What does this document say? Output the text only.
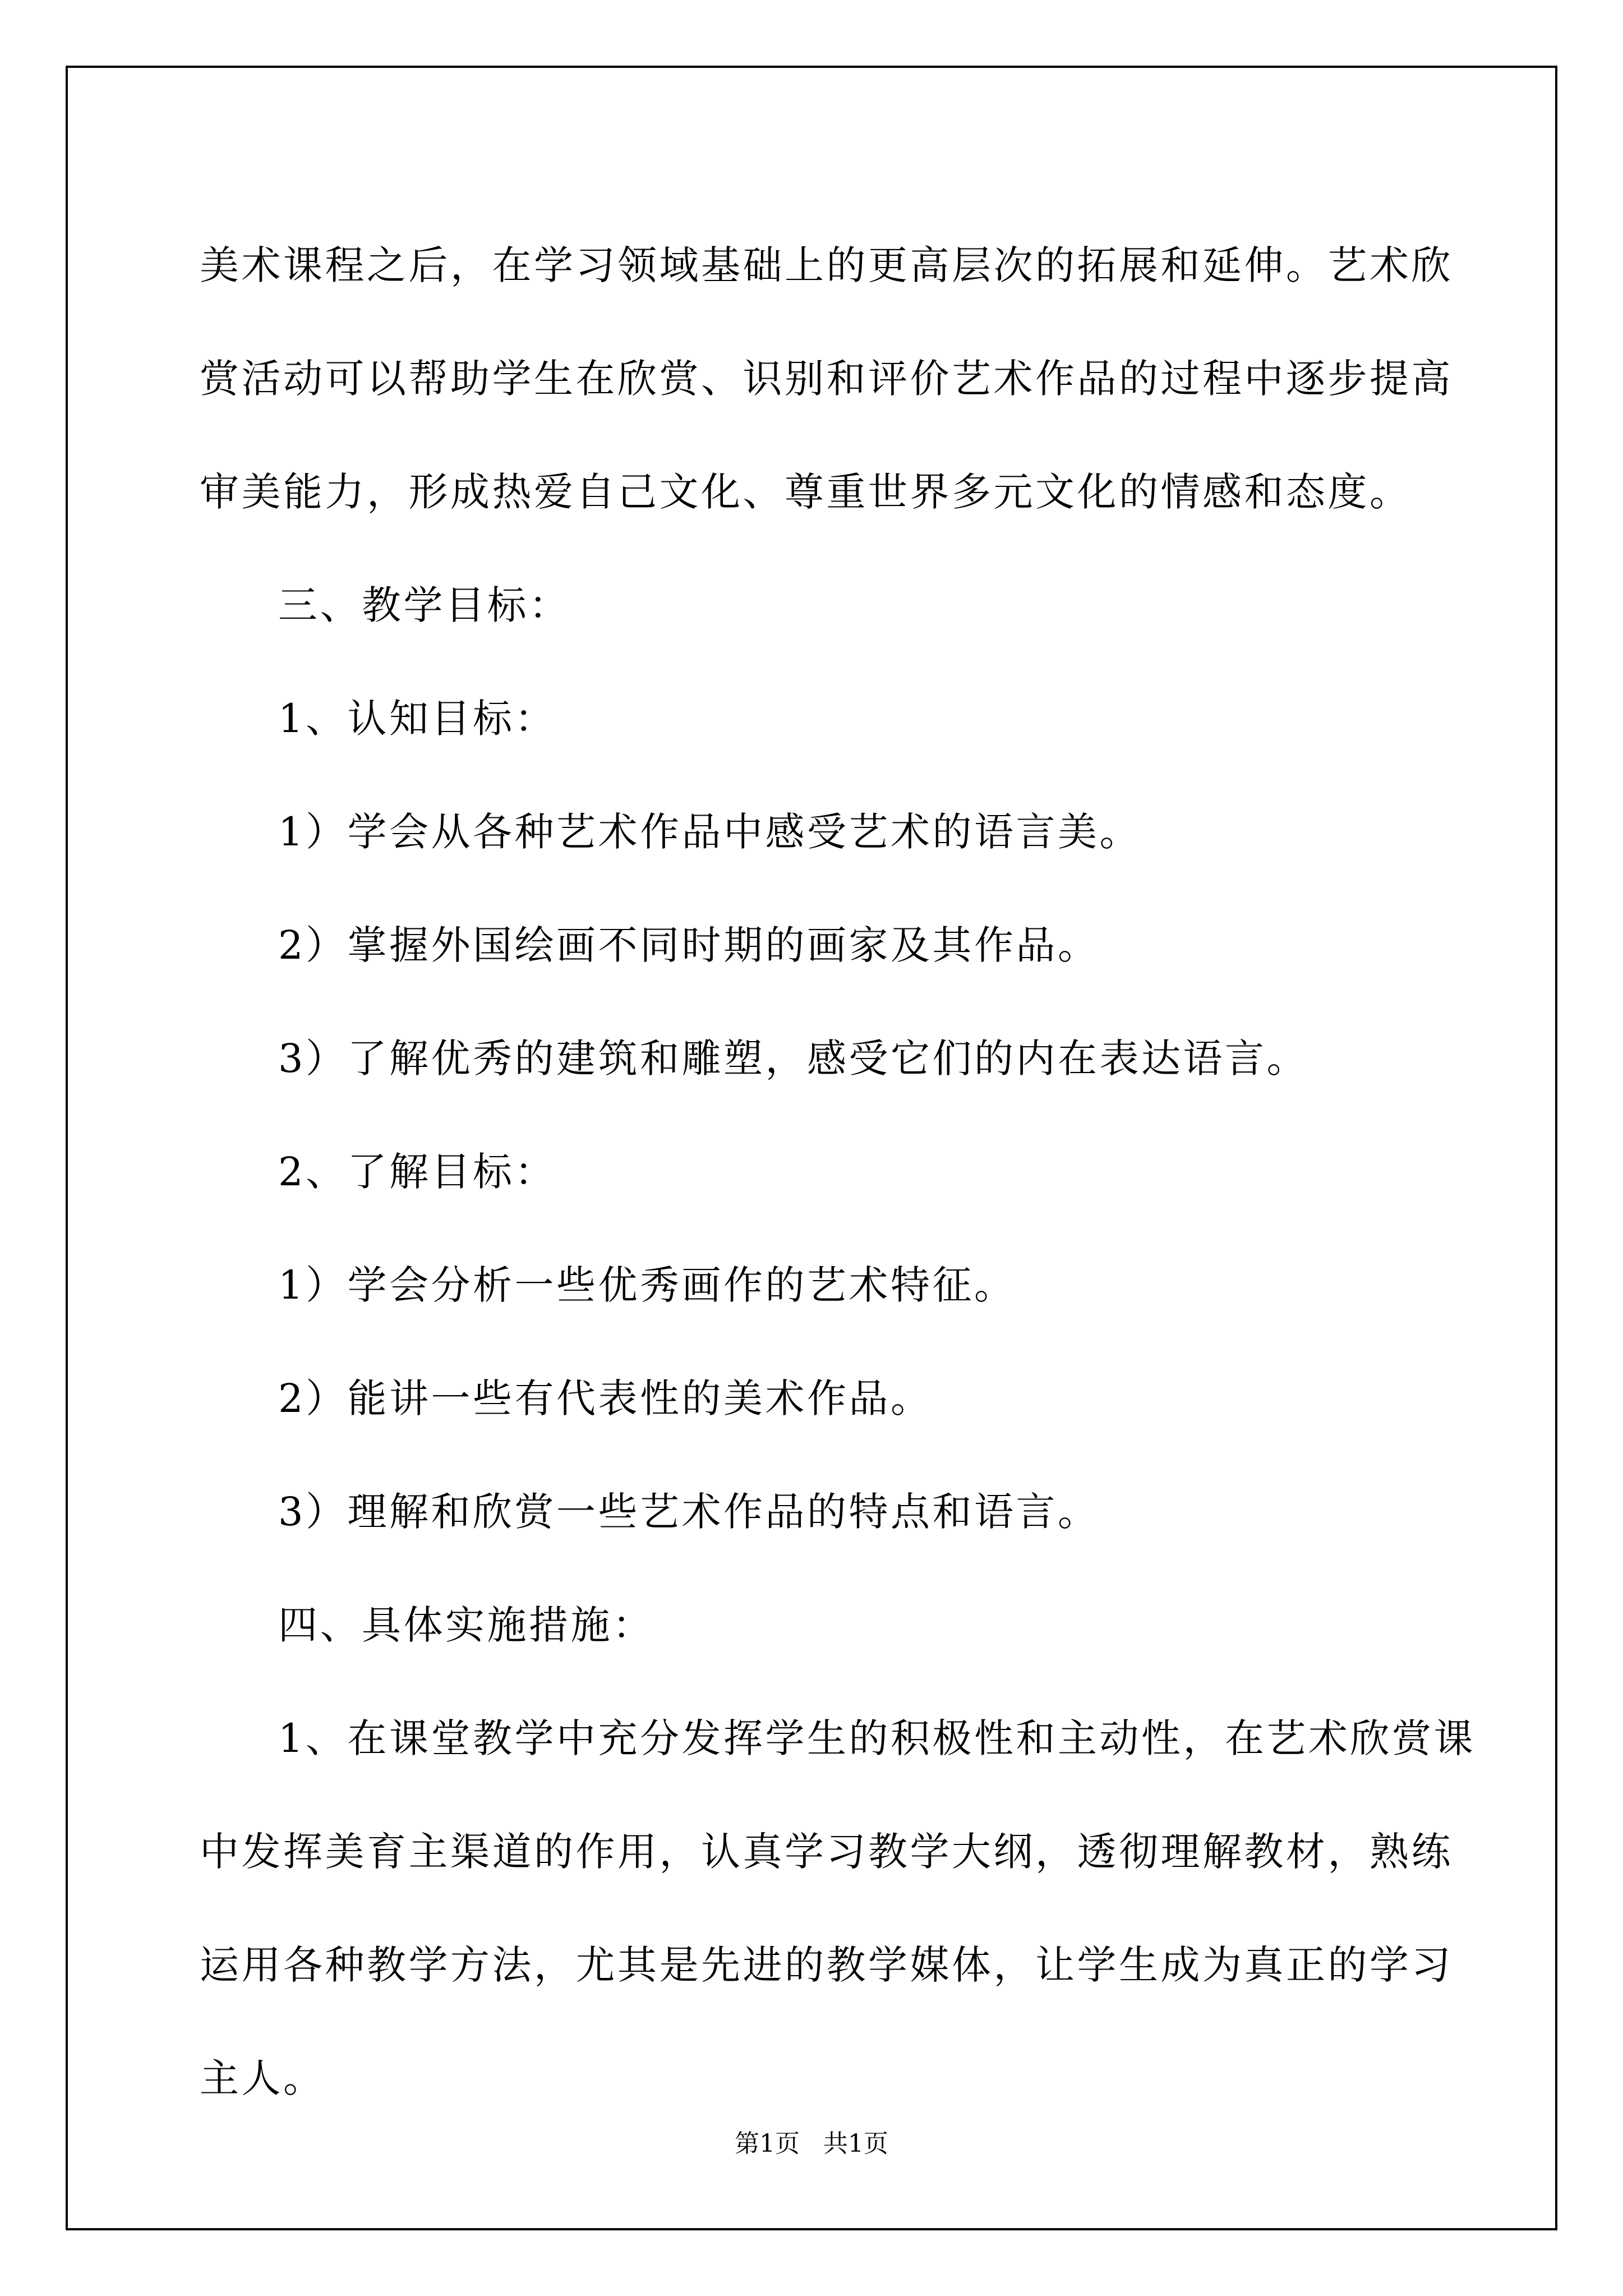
美术课程之后，在学习领域基础上的更高层次的拓展和延伸。艺术欣

赏活动可以帮助学生在欣赏、识别和评价艺术作品的过程中逐步提高

审美能力，形成热爱自己文化、尊重世界多元文化的情感和态度。

三、教学目标：

1、认知目标：

1）学会从各种艺术作品中感受艺术的语言美。

2）掌握外国绘画不同时期的画家及其作品。

3）了解优秀的建筑和雕塑，感受它们的内在表达语言。

2、了解目标：

1）学会分析一些优秀画作的艺术特征。

2）能讲一些有代表性的美术作品。

3）理解和欣赏一些艺术作品的特点和语言。

四、具体实施措施：

1、在课堂教学中充分发挥学生的积极性和主动性，在艺术欣赏课

中发挥美育主渠道的作用，认真学习教学大纲，透彻理解教材，熟练

运用各种教学方法，尤其是先进的教学媒体，让学生成为真正的学习

主人。

第1页 共1页
